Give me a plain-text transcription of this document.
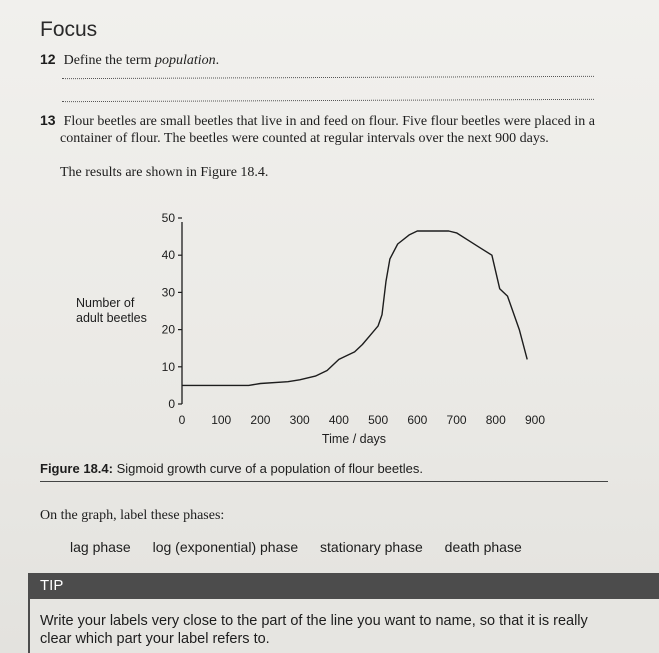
Focus
12 Define the term population.
13 Flour beetles are small beetles that live in and feed on flour. Five flour beetles were placed in a
container of flour. The beetles were counted at regular intervals over the next 900 days.
The results are shown in Figure 18.4.
Number of
adult beetles
0
10
20
30
40
50
0 100 200 300 400 500 600 700 800 900
Time / days
Figure 18.4: Sigmoid growth curve of a population of flour beetles.
On the graph, label these phases:
lag phase log (exponential) phase stationary phase death phase
TIP
Write your labels very close to the part of the line you want to name, so that it is really clear which part your label refers to.
